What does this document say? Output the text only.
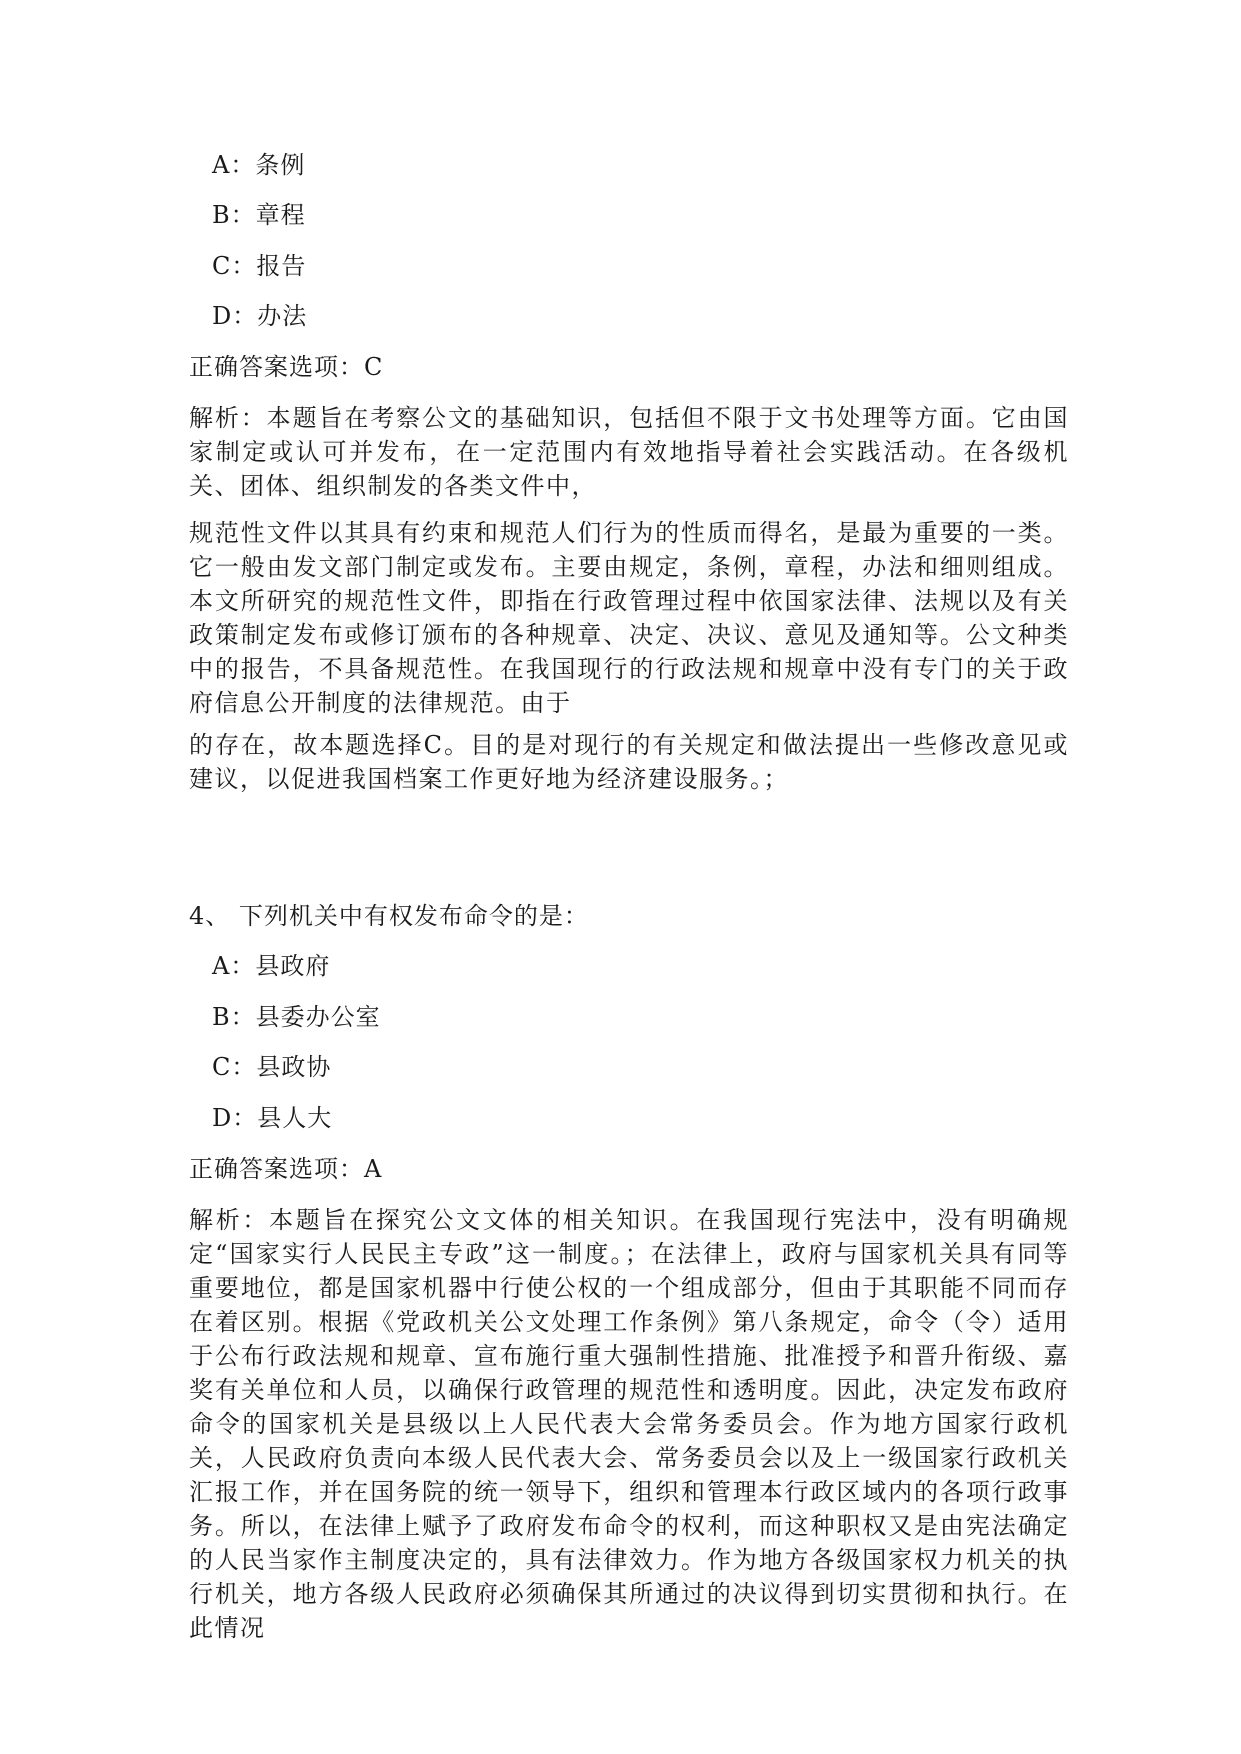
A：条例
B：章程
C：报告
D：办法
正确答案选项：C
解析：本题旨在考察公文的基础知识，包括但不限于文书处理等方面。它由国家制定或认可并发布，在一定范围内有效地指导着社会实践活动。在各级机关、团体、组织制发的各类文件中，
规范性文件以其具有约束和规范人们行为的性质而得名，是最为重要的一类。它一般由发文部门制定或发布。主要由规定，条例，章程，办法和细则组成。本文所研究的规范性文件，即指在行政管理过程中依国家法律、法规以及有关政策制定发布或修订颁布的各种规章、决定、决议、意见及通知等。公文种类中的报告，不具备规范性。在我国现行的行政法规和规章中没有专门的关于政府信息公开制度的法律规范。由于
的存在，故本题选择C。目的是对现行的有关规定和做法提出一些修改意见或建议，以促进我国档案工作更好地为经济建设服务。；
4、 下列机关中有权发布命令的是：
A：县政府
B：县委办公室
C：县政协
D：县人大
正确答案选项：A
解析：本题旨在探究公文文体的相关知识。在我国现行宪法中，没有明确规定“国家实行人民民主专政”这一制度。；在法律上，政府与国家机关具有同等重要地位，都是国家机器中行使公权的一个组成部分，但由于其职能不同而存在着区别。根据《党政机关公文处理工作条例》第八条规定，命令（令）适用于公布行政法规和规章、宣布施行重大强制性措施、批准授予和晋升衔级、嘉奖有关单位和人员，以确保行政管理的规范性和透明度。因此，决定发布政府命令的国家机关是县级以上人民代表大会常务委员会。作为地方国家行政机关，人民政府负责向本级人民代表大会、常务委员会以及上一级国家行政机关汇报工作，并在国务院的统一领导下，组织和管理本行政区域内的各项行政事务。所以，在法律上赋予了政府发布命令的权利，而这种职权又是由宪法确定的人民当家作主制度决定的，具有法律效力。作为地方各级国家权力机关的执行机关，地方各级人民政府必须确保其所通过的决议得到切实贯彻和执行。在此情况
